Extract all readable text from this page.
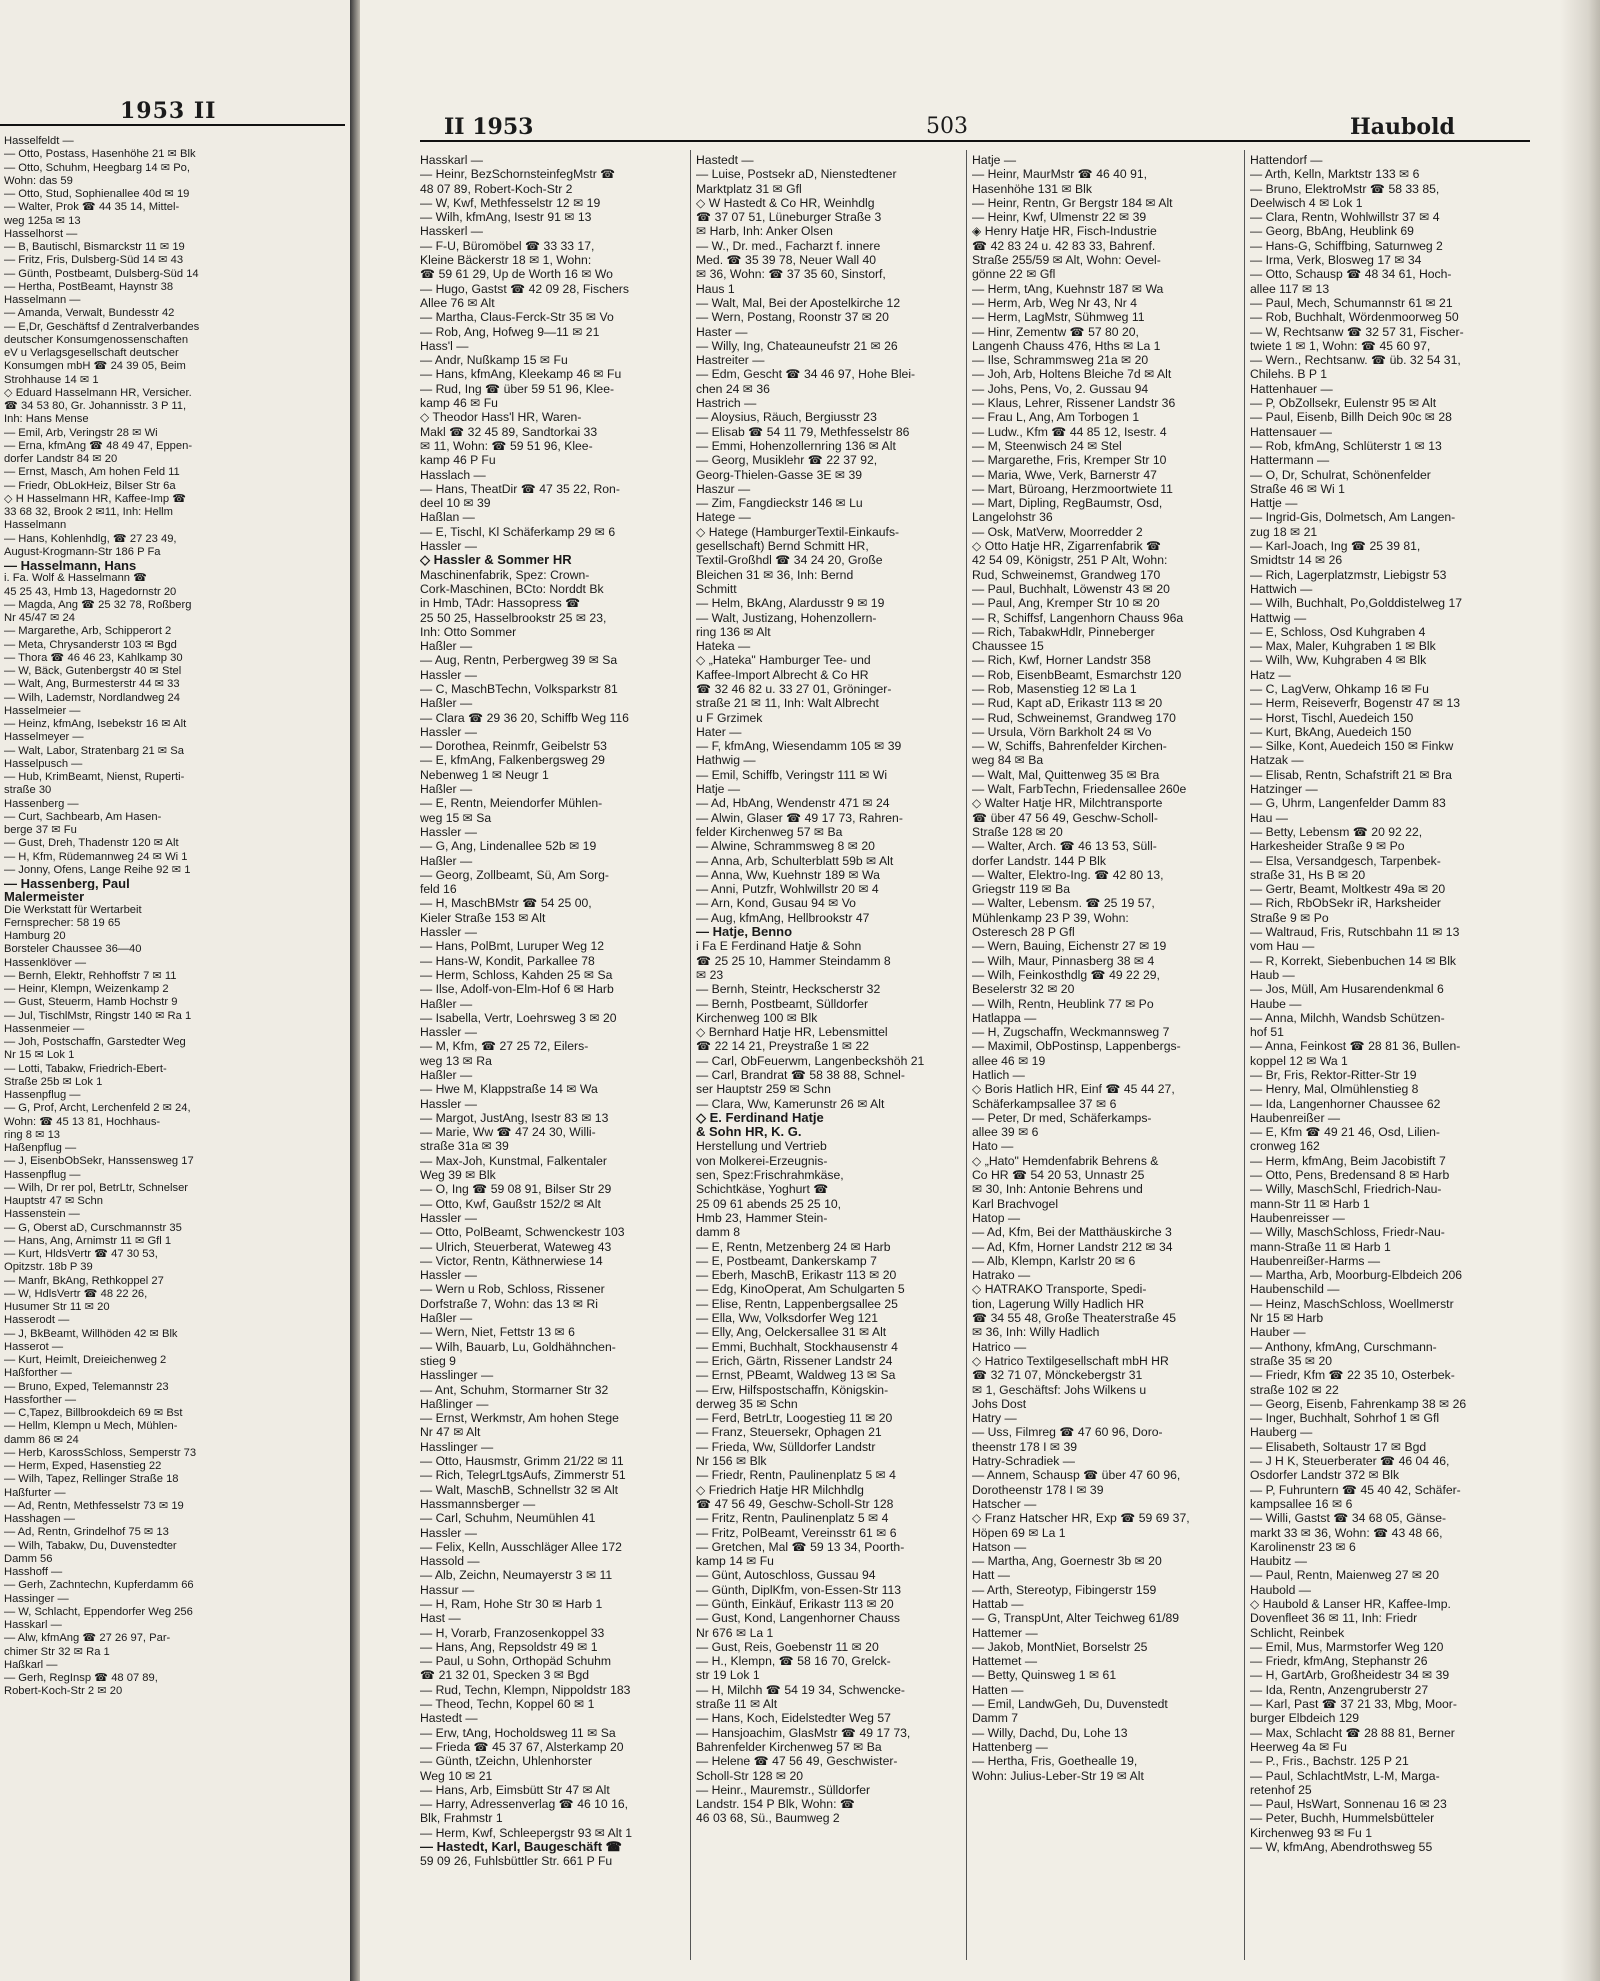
1953 II
Hasselfeldt —
— Otto, Postass, Hasenhöhe 21 ✉ Blk
— Otto, Schuhm, Heegbarg 14 ✉ Po,
Wohn: das 59
— Otto, Stud, Sophienallee 40d ✉ 19
— Walter, Prok ☎ 44 35 14, Mittel-
weg 125a ✉ 13
Hasselhorst —
— B, Bautischl, Bismarckstr 11 ✉ 19
— Fritz, Fris, Dulsberg-Süd 14 ✉ 43
— Günth, Postbeamt, Dulsberg-Süd 14
— Hertha, PostBeamt, Haynstr 38
Hasselmann —
— Amanda, Verwalt, Bundesstr 42
— E,Dr, Geschäftsf d Zentralverbandes
deutscher Konsumgenossenschaften
eV u Verlagsgesellschaft deutscher
Konsumgen mbH ☎ 24 39 05, Beim
Strohhause 14 ✉ 1
◇ Eduard Hasselmann HR, Versicher.
☎ 34 53 80, Gr. Johannisstr. 3 P 11,
Inh: Hans Mense
— Emil, Arb, Veringstr 28 ✉ Wi
— Erna, kfmAng ☎ 48 49 47, Eppen-
dorfer Landstr 84 ✉ 20
— Ernst, Masch, Am hohen Feld 11
— Friedr, ObLokHeiz, Bilser Str 6a
◇ H Hasselmann HR, Kaffee-Imp ☎
33 68 32, Brook 2 ✉11, Inh: Hellm
Hasselmann
— Hans, Kohlenhdlg, ☎ 27 23 49,
August-Krogmann-Str 186 P Fa
— Hasselmann, Hans
i. Fa. Wolf & Hasselmann ☎
45 25 43, Hmb 13, Hagedornstr 20
— Magda, Ang ☎ 25 32 78, Roßberg
Nr 45/47 ✉ 24
— Margarethe, Arb, Schipperort 2
— Meta, Chrysanderstr 103 ✉ Bgd
— Thora ☎ 46 46 23, Kahlkamp 30
— W, Bäck, Gutenbergstr 40 ✉ Stel
— Walt, Ang, Burmesterstr 44 ✉ 33
— Wilh, Lademstr, Nordlandweg 24
Hasselmeier —
— Heinz, kfmAng, Isebekstr 16 ✉ Alt
Hasselmeyer —
— Walt, Labor, Stratenbarg 21 ✉ Sa
Hasselpusch —
— Hub, KrimBeamt, Nienst, Ruperti-
straße 30
Hassenberg —
— Curt, Sachbearb, Am Hasen-
berge 37 ✉ Fu
— Gust, Dreh, Thadenstr 120 ✉ Alt
— H, Kfm, Rüdemannweg 24 ✉ Wi 1
— Jonny, Ofens, Lange Reihe 92 ✉ 1
— Hassenberg, Paul
Malermeister
Die Werkstatt für Wertarbeit
Fernsprecher: 58 19 65
Hamburg 20
Borsteler Chaussee 36—40
Hassenklöver —
— Bernh, Elektr, Rehhoffstr 7 ✉ 11
— Heinr, Klempn, Weizenkamp 2
— Gust, Steuerm, Hamb Hochstr 9
— Jul, TischlMstr, Ringstr 140 ✉ Ra 1
Hassenmeier —
— Joh, Postschaffn, Garstedter Weg
Nr 15 ✉ Lok 1
— Lotti, Tabakw, Friedrich-Ebert-
Straße 25b ✉ Lok 1
Hassenpflug —
— G, Prof, Archt, Lerchenfeld 2 ✉ 24,
Wohn: ☎ 45 13 81, Hochhaus-
ring 8 ✉ 13
Haßenpflug —
— J, EisenbObSekr, Hanssensweg 17
Hassenpflug —
— Wilh, Dr rer pol, BetrLtr, Schnelser
Hauptstr 47 ✉ Schn
Hassenstein —
— G, Oberst aD, Curschmannstr 35
— Hans, Ang, Arnimstr 11 ✉ Gfl 1
— Kurt, HldsVertr ☎ 47 30 53,
Opitzstr. 18b P 39
— Manfr, BkAng, Rethkoppel 27
— W, HdlsVertr ☎ 48 22 26,
Husumer Str 11 ✉ 20
Hasserodt —
— J, BkBeamt, Willhöden 42 ✉ Blk
Hasserot —
— Kurt, Heimlt, Dreieichenweg 2
Haßforther —
— Bruno, Exped, Telemannstr 23
Hassforther —
— C,Tapez, Billbrookdeich 69 ✉ Bst
— Hellm, Klempn u Mech, Mühlen-
damm 86 ✉ 24
— Herb, KarossSchloss, Semperstr 73
— Herm, Exped, Hasenstieg 22
— Wilh, Tapez, Rellinger Straße 18
Haßfurter —
— Ad, Rentn, Methfesselstr 73 ✉ 19
Hasshagen —
— Ad, Rentn, Grindelhof 75 ✉ 13
— Wilh, Tabakw, Du, Duvenstedter
Damm 56
Hasshoff —
— Gerh, Zachntechn, Kupferdamm 66
Hassinger —
— W, Schlacht, Eppendorfer Weg 256
Hasskarl —
— Alw, kfmAng ☎ 27 26 97, Par-
chimer Str 32 ✉ Ra 1
Haßkarl —
— Gerh, RegInsp ☎ 48 07 89,
Robert-Koch-Str 2 ✉ 20
II 1953	503	Haubold
Hasskarl —
— Heinr, BezSchornsteinfegMstr ☎
48 07 89, Robert-Koch-Str 2
— W, Kwf, Methfesselstr 12 ✉ 19
— Wilh, kfmAng, Isestr 91 ✉ 13
Hasskerl —
— F-U, Büromöbel ☎ 33 33 17,
Kleine Bäckerstr 18 ✉ 1, Wohn:
☎ 59 61 29, Up de Worth 16 ✉ Wo
— Hugo, Gastst ☎ 42 09 28, Fischers
Allee 76 ✉ Alt
— Martha, Claus-Ferck-Str 35 ✉ Vo
— Rob, Ang, Hofweg 9—11 ✉ 21
Hass'l —
— Andr, Nußkamp 15 ✉ Fu
— Hans, kfmAng, Kleekamp 46 ✉ Fu
— Rud, Ing ☎ über 59 51 96, Klee-
kamp 46 ✉ Fu
◇ Theodor Hass'l HR, Waren-
Makl ☎ 32 45 89, Sandtorkai 33
✉ 11, Wohn: ☎ 59 51 96, Klee-
kamp 46 P Fu
Hasslach —
— Hans, TheatDir ☎ 47 35 22, Ron-
deel 10 ✉ 39
Haßlan —
— E, Tischl, Kl Schäferkamp 29 ✉ 6
Hassler —
◇ Hassler & Sommer HR
Maschinenfabrik, Spez: Crown-
Cork-Maschinen, BCto: Norddt Bk
in Hmb, TAdr: Hassopress ☎
25 50 25, Hasselbrookstr 25 ✉ 23,
Inh: Otto Sommer
Haßler —
— Aug, Rentn, Perbergweg 39 ✉ Sa
Hassler —
— C, MaschBTechn, Volksparkstr 81
Haßler —
— Clara ☎ 29 36 20, Schiffb Weg 116
Hassler —
— Dorothea, Reinmfr, Geibelstr 53
— E, kfmAng, Falkenbergsweg 29
Nebenweg 1 ✉ Neugr 1
Haßler —
— E, Rentn, Meiendorfer Mühlen-
weg 15 ✉ Sa
Hassler —
— G, Ang, Lindenallee 52b ✉ 19
Haßler —
— Georg, Zollbeamt, Sü, Am Sorg-
feld 16
— H, MaschBMstr ☎ 54 25 00,
Kieler Straße 153 ✉ Alt
Hassler —
— Hans, PolBmt, Luruper Weg 12
— Hans-W, Kondit, Parkallee 78
— Herm, Schloss, Kahden 25 ✉ Sa
— Ilse, Adolf-von-Elm-Hof 6 ✉ Harb
Haßler —
— Isabella, Vertr, Loehrsweg 3 ✉ 20
Hassler —
— M, Kfm, ☎ 27 25 72, Eilers-
weg 13 ✉ Ra
Haßler —
— Hwe M, Klappstraße 14 ✉ Wa
Hassler —
— Margot, JustAng, Isestr 83 ✉ 13
— Marie, Ww ☎ 47 24 30, Willi-
straße 31a ✉ 39
— Max-Joh, Kunstmal, Falkentaler
Weg 39 ✉ Blk
— O, Ing ☎ 59 08 91, Bilser Str 29
— Otto, Kwf, Gaußstr 152/2 ✉ Alt
Hassler —
— Otto, PolBeamt, Schwenckestr 103
— Ulrich, Steuerberat, Wateweg 43
— Victor, Rentn, Käthnerwiese 14
Hassler —
— Wern u Rob, Schloss, Rissener
Dorfstraße 7, Wohn: das 13 ✉ Ri
Haßler —
— Wern, Niet, Fettstr 13 ✉ 6
— Wilh, Bauarb, Lu, Goldhähnchen-
stieg 9
Hasslinger —
— Ant, Schuhm, Stormarner Str 32
Haßlinger —
— Ernst, Werkmstr, Am hohen Stege
Nr 47 ✉ Alt
Hasslinger —
— Otto, Hausmstr, Grimm 21/22 ✉ 11
— Rich, TelegrLtgsAufs, Zimmerstr 51
— Walt, MaschB, Schnellstr 32 ✉ Alt
Hassmannsberger —
— Carl, Schuhm, Neumühlen 41
Hassler —
— Felix, Kelln, Ausschläger Allee 172
Hassold —
— Alb, Zeichn, Neumayerstr 3 ✉ 11
Hassur —
— H, Ram, Hohe Str 30 ✉ Harb 1
Hast —
— H, Vorarb, Franzosenkoppel 33
— Hans, Ang, Repsoldstr 49 ✉ 1
— Paul, u Sohn, Orthopäd Schuhm
☎ 21 32 01, Specken 3 ✉ Bgd
— Rud, Techn, Klempn, Nippoldstr 183
— Theod, Techn, Koppel 60 ✉ 1
Hastedt —
— Erw, tAng, Hocholdsweg 11 ✉ Sa
— Frieda ☎ 45 37 67, Alsterkamp 20
— Günth, tZeichn, Uhlenhorster
Weg 10 ✉ 21
— Hans, Arb, Eimsbütt Str 47 ✉ Alt
— Harry, Adressenverlag ☎ 46 10 16,
Blk, Frahmstr 1
— Herm, Kwf, Schleepergstr 93 ✉ Alt 1
— Hastedt, Karl, Baugeschäft ☎
59 09 26, Fuhlsbüttler Str. 661 P Fu
Hastedt —
— Luise, Postsekr aD, Nienstedtener
Marktplatz 31 ✉ Gfl
◇ W Hastedt & Co HR, Weinhdlg
☎ 37 07 51, Lüneburger Straße 3
✉ Harb, Inh: Anker Olsen
— W., Dr. med., Facharzt f. innere
Med. ☎ 35 39 78, Neuer Wall 40
✉ 36, Wohn: ☎ 37 35 60, Sinstorf,
Haus 1
— Walt, Mal, Bei der Apostelkirche 12
— Wern, Postang, Roonstr 37 ✉ 20
Haster —
— Willy, Ing, Chateauneufstr 21 ✉ 26
Hastreiter —
— Edm, Gescht ☎ 34 46 97, Hohe Blei-
chen 24 ✉ 36
Hastrich —
— Aloysius, Räuch, Bergiusstr 23
— Elisab ☎ 54 11 79, Methfesselstr 86
— Emmi, Hohenzollernring 136 ✉ Alt
— Georg, Musiklehr ☎ 22 37 92,
Georg-Thielen-Gasse 3E ✉ 39
Haszur —
— Zim, Fangdieckstr 146 ✉ Lu
Hatege —
◇ Hatege (HamburgerTextil-Einkaufs-
gesellschaft) Bernd Schmitt HR,
Textil-Großhdl ☎ 34 24 20, Große
Bleichen 31 ✉ 36, Inh: Bernd
Schmitt
— Helm, BkAng, Alardusstr 9 ✉ 19
— Walt, Justizang, Hohenzollern-
ring 136 ✉ Alt
Hateka —
◇ „Hateka" Hamburger Tee- und
Kaffee-Import Albrecht & Co HR
☎ 32 46 82 u. 33 27 01, Gröninger-
straße 21 ✉ 11, Inh: Walt Albrecht
u F Grzimek
Hater —
— F, kfmAng, Wiesendamm 105 ✉ 39
Hathwig —
— Emil, Schiffb, Veringstr 111 ✉ Wi
Hatje —
— Ad, HbAng, Wendenstr 471 ✉ 24
— Alwin, Glaser ☎ 49 17 73, Rahren-
felder Kirchenweg 57 ✉ Ba
— Alwine, Schrammsweg 8 ✉ 20
— Anna, Arb, Schulterblatt 59b ✉ Alt
— Anna, Ww, Kuehnstr 189 ✉ Wa
— Anni, Putzfr, Wohlwillstr 20 ✉ 4
— Arn, Kond, Gusau 94 ✉ Vo
— Aug, kfmAng, Hellbrookstr 47
— Hatje, Benno
i Fa E Ferdinand Hatje & Sohn
☎ 25 25 10, Hammer Steindamm 8
✉ 23
— Bernh, Steintr, Heckscherstr 32
— Bernh, Postbeamt, Sülldorfer
Kirchenweg 100 ✉ Blk
◇ Bernhard Hatje HR, Lebensmittel
☎ 22 14 21, Preystraße 1 ✉ 22
— Carl, ObFeuerwm, Langenbeckshöh 21
— Carl, Brandrat ☎ 58 38 88, Schnel-
ser Hauptstr 259 ✉ Schn
— Clara, Ww, Kamerunstr 26 ✉ Alt
◇ E. Ferdinand Hatje
& Sohn HR, K. G.
Herstellung und Vertrieb
von Molkerei-Erzeugnis-
sen, Spez:Frischrahmkäse,
Schichtkäse, Yoghurt ☎
25 09 61 abends 25 25 10,
Hmb 23, Hammer Stein-
damm 8
— E, Rentn, Metzenberg 24 ✉ Harb
— E, Postbeamt, Dankerskamp 7
— Eberh, MaschB, Erikastr 113 ✉ 20
— Edg, KinoOperat, Am Schulgarten 5
— Elise, Rentn, Lappenbergsallee 25
— Ella, Ww, Volksdorfer Weg 121
— Elly, Ang, Oelckersallee 31 ✉ Alt
— Emmi, Buchhalt, Stockhausenstr 4
— Erich, Gärtn, Rissener Landstr 24
— Ernst, PBeamt, Waldweg 13 ✉ Sa
— Erw, Hilfspostschaffn, Königskin-
derweg 35 ✉ Schn
— Ferd, BetrLtr, Loogestieg 11 ✉ 20
— Franz, Steuersekr, Ophagen 21
— Frieda, Ww, Sülldorfer Landstr
Nr 156 ✉ Blk
— Friedr, Rentn, Paulinenplatz 5 ✉ 4
◇ Friedrich Hatje HR Milchhdlg
☎ 47 56 49, Geschw-Scholl-Str 128
— Fritz, Rentn, Paulinenplatz 5 ✉ 4
— Fritz, PolBeamt, Vereinsstr 61 ✉ 6
— Gretchen, Mal ☎ 59 13 34, Poorth-
kamp 14 ✉ Fu
— Günt, Autoschloss, Gussau 94
— Günth, DiplKfm, von-Essen-Str 113
— Günth, Einkäuf, Erikastr 113 ✉ 20
— Gust, Kond, Langenhorner Chauss
Nr 676 ✉ La 1
— Gust, Reis, Goebenstr 11 ✉ 20
— H., Klempn, ☎ 58 16 70, Grelck-
str 19 Lok 1
— H, Milchh ☎ 54 19 34, Schwencke-
straße 11 ✉ Alt
— Hans, Koch, Eidelstedter Weg 57
— Hansjoachim, GlasMstr ☎ 49 17 73,
Bahrenfelder Kirchenweg 57 ✉ Ba
— Helene ☎ 47 56 49, Geschwister-
Scholl-Str 128 ✉ 20
— Heinr., Mauremstr., Sülldorfer
Landstr. 154 P Blk, Wohn: ☎
46 03 68, Sü., Baumweg 2
Hatje —
— Heinr, MaurMstr ☎ 46 40 91,
Hasenhöhe 131 ✉ Blk
— Heinr, Rentn, Gr Bergstr 184 ✉ Alt
— Heinr, Kwf, Ulmenstr 22 ✉ 39
◈ Henry Hatje HR, Fisch-Industrie
☎ 42 83 24 u. 42 83 33, Bahrenf.
Straße 255/59 ✉ Alt, Wohn: Oevel-
gönne 22 ✉ Gfl
— Herm, tAng, Kuehnstr 187 ✉ Wa
— Herm, Arb, Weg Nr 43, Nr 4
— Herm, LagMstr, Sühmweg 11
— Hinr, Zementw ☎ 57 80 20,
Langenh Chauss 476, Hths ✉ La 1
— Ilse, Schrammsweg 21a ✉ 20
— Joh, Arb, Holtens Bleiche 7d ✉ Alt
— Johs, Pens, Vo, 2. Gussau 94
— Klaus, Lehrer, Rissener Landstr 36
— Frau L, Ang, Am Torbogen 1
— Ludw., Kfm ☎ 44 85 12, Isestr. 4
— M, Steenwisch 24 ✉ Stel
— Margarethe, Fris, Kremper Str 10
— Maria, Wwe, Verk, Barnerstr 47
— Mart, Büroang, Herzmoortwiete 11
— Mart, Dipling, RegBaumstr, Osd,
Langelohstr 36
— Osk, MatVerw, Moorredder 2
◇ Otto Hatje HR, Zigarrenfabrik ☎
42 54 09, Königstr, 251 P Alt, Wohn:
Rud, Schweinemst, Grandweg 170
— Paul, Buchhalt, Löwenstr 43 ✉ 20
— Paul, Ang, Kremper Str 10 ✉ 20
— R, Schiffsf, Langenhorn Chauss 96a
— Rich, TabakwHdlr, Pinneberger
Chaussee 15
— Rich, Kwf, Horner Landstr 358
— Rob, EisenbBeamt, Esmarchstr 120
— Rob, Masenstieg 12 ✉ La 1
— Rud, Kapt aD, Erikastr 113 ✉ 20
— Rud, Schweinemst, Grandweg 170
— Ursula, Vörn Barkholt 24 ✉ Vo
— W, Schiffs, Bahrenfelder Kirchen-
weg 84 ✉ Ba
— Walt, Mal, Quittenweg 35 ✉ Bra
— Walt, FarbTechn, Friedensallee 260e
◇ Walter Hatje HR, Milchtransporte
☎ über 47 56 49, Geschw-Scholl-
Straße 128 ✉ 20
— Walter, Arch. ☎ 46 13 53, Süll-
dorfer Landstr. 144 P Blk
— Walter, Elektro-Ing. ☎ 42 80 13,
Griegstr 119 ✉ Ba
— Walter, Lebensm. ☎ 25 19 57,
Mühlenkamp 23 P 39, Wohn:
Osteresch 28 P Gfl
— Wern, Bauing, Eichenstr 27 ✉ 19
— Wilh, Maur, Pinnasberg 38 ✉ 4
— Wilh, Feinkosthdlg ☎ 49 22 29,
Beselerstr 32 ✉ 20
— Wilh, Rentn, Heublink 77 ✉ Po
Hatlappa —
— H, Zugschaffn, Weckmannsweg 7
— Maximil, ObPostinsp, Lappenbergs-
allee 46 ✉ 19
Hatlich —
◇ Boris Hatlich HR, Einf ☎ 45 44 27,
Schäferkampsallee 37 ✉ 6
— Peter, Dr med, Schäferkamps-
allee 39 ✉ 6
Hato —
◇ „Hato" Hemdenfabrik Behrens &
Co HR ☎ 54 20 53, Unnastr 25
✉ 30, Inh: Antonie Behrens und
Karl Brachvogel
Hatop —
— Ad, Kfm, Bei der Matthäuskirche 3
— Ad, Kfm, Horner Landstr 212 ✉ 34
— Alb, Klempn, Karlstr 20 ✉ 6
Hatrako —
◇ HATRAKO Transporte, Spedi-
tion, Lagerung Willy Hadlich HR
☎ 34 55 48, Große Theaterstraße 45
✉ 36, Inh: Willy Hadlich
Hatrico —
◇ Hatrico Textilgesellschaft mbH HR
☎ 32 71 07, Mönckebergstr 31
✉ 1, Geschäftsf: Johs Wilkens u
Johs Dost
Hatry —
— Uss, Filmreg ☎ 47 60 96, Doro-
theenstr 178 I ✉ 39
Hatry-Schradiek —
— Annem, Schausp ☎ über 47 60 96,
Dorotheenstr 178 I ✉ 39
Hatscher —
◇ Franz Hatscher HR, Exp ☎ 59 69 37,
Höpen 69 ✉ La 1
Hatson —
— Martha, Ang, Goernestr 3b ✉ 20
Hatt —
— Arth, Stereotyp, Fibingerstr 159
Hattab —
— G, TranspUnt, Alter Teichweg 61/89
Hattemer —
— Jakob, MontNiet, Borselstr 25
Hattemet —
— Betty, Quinsweg 1 ✉ 61
Hatten —
— Emil, LandwGeh, Du, Duvenstedt
Damm 7
— Willy, Dachd, Du, Lohe 13
Hattenberg —
— Hertha, Fris, Goethealle 19,
Wohn: Julius-Leber-Str 19 ✉ Alt
Hattendorf —
— Arth, Kelln, Marktstr 133 ✉ 6
— Bruno, ElektroMstr ☎ 58 33 85,
Deelwisch 4 ✉ Lok 1
— Clara, Rentn, Wohlwillstr 37 ✉ 4
— Georg, BbAng, Heublink 69
— Hans-G, Schiffbing, Saturnweg 2
— Irma, Verk, Blosweg 17 ✉ 34
— Otto, Schausp ☎ 48 34 61, Hoch-
allee 117 ✉ 13
— Paul, Mech, Schumannstr 61 ✉ 21
— Rob, Buchhalt, Wördenmoorweg 50
— W, Rechtsanw ☎ 32 57 31, Fischer-
twiete 1 ✉ 1, Wohn: ☎ 45 60 97,
— Wern., Rechtsanw. ☎ üb. 32 54 31,
Chilehs. B P 1
Hattenhauer —
— P, ObZollsekr, Eulenstr 95 ✉ Alt
— Paul, Eisenb, Billh Deich 90c ✉ 28
Hattensauer —
— Rob, kfmAng, Schlüterstr 1 ✉ 13
Hattermann —
— O, Dr, Schulrat, Schönenfelder
Straße 46 ✉ Wi 1
Hattje —
— Ingrid-Gis, Dolmetsch, Am Langen-
zug 18 ✉ 21
— Karl-Joach, Ing ☎ 25 39 81,
Smidtstr 14 ✉ 26
— Rich, Lagerplatzmstr, Liebigstr 53
Hattwich —
— Wilh, Buchhalt, Po,Golddistelweg 17
Hattwig —
— E, Schloss, Osd Kuhgraben 4
— Max, Maler, Kuhgraben 1 ✉ Blk
— Wilh, Ww, Kuhgraben 4 ✉ Blk
Hatz —
— C, LagVerw, Ohkamp 16 ✉ Fu
— Herm, Reiseverfr, Bogenstr 47 ✉ 13
— Horst, Tischl, Auedeich 150
— Kurt, BkAng, Auedeich 150
— Silke, Kont, Auedeich 150 ✉ Finkw
Hatzak —
— Elisab, Rentn, Schafstrift 21 ✉ Bra
Hatzinger —
— G, Uhrm, Langenfelder Damm 83
Hau —
— Betty, Lebensm ☎ 20 92 22,
Harkesheider Straße 9 ✉ Po
— Elsa, Versandgesch, Tarpenbek-
straße 31, Hs B ✉ 20
— Gertr, Beamt, Moltkestr 49a ✉ 20
— Rich, RbObSekr iR, Harksheider
Straße 9 ✉ Po
— Waltraud, Fris, Rutschbahn 11 ✉ 13
vom Hau —
— R, Korrekt, Siebenbuchen 14 ✉ Blk
Haub —
— Jos, Müll, Am Husarendenkmal 6
Haube —
— Anna, Milchh, Wandsb Schützen-
hof 51
— Anna, Feinkost ☎ 28 81 36, Bullen-
koppel 12 ✉ Wa 1
— Br, Fris, Rektor-Ritter-Str 19
— Henry, Mal, Olmühlenstieg 8
— Ida, Langenhorner Chaussee 62
Haubenreißer —
— E, Kfm ☎ 49 21 46, Osd, Lilien-
cronweg 162
— Herm, kfmAng, Beim Jacobistift 7
— Otto, Pens, Bredensand 8 ✉ Harb
— Willy, MaschSchl, Friedrich-Nau-
mann-Str 11 ✉ Harb 1
Haubenreisser —
— Willy, MaschSchloss, Friedr-Nau-
mann-Straße 11 ✉ Harb 1
Haubenreißer-Harms —
— Martha, Arb, Moorburg-Elbdeich 206
Haubenschild —
— Heinz, MaschSchloss, Woellmerstr
Nr 15 ✉ Harb
Hauber —
— Anthony, kfmAng, Curschmann-
straße 35 ✉ 20
— Friedr, Kfm ☎ 22 35 10, Osterbek-
straße 102 ✉ 22
— Georg, Eisenb, Fahrenkamp 38 ✉ 26
— Inger, Buchhalt, Sohrhof 1 ✉ Gfl
Hauberg —
— Elisabeth, Soltaustr 17 ✉ Bgd
— J H K, Steuerberater ☎ 46 04 46,
Osdorfer Landstr 372 ✉ Blk
— P, Fuhruntern ☎ 45 40 42, Schäfer-
kampsallee 16 ✉ 6
— Willi, Gastst ☎ 34 68 05, Gänse-
markt 33 ✉ 36, Wohn: ☎ 43 48 66,
Karolinenstr 23 ✉ 6
Haubitz —
— Paul, Rentn, Maienweg 27 ✉ 20
Haubold —
◇ Haubold & Lanser HR, Kaffee-Imp.
Dovenfleet 36 ✉ 11, Inh: Friedr
Schlicht, Reinbek
— Emil, Mus, Marmstorfer Weg 120
— Friedr, kfmAng, Stephanstr 26
— H, GartArb, Großheidestr 34 ✉ 39
— Ida, Rentn, Anzengruberstr 27
— Karl, Past ☎ 37 21 33, Mbg, Moor-
burger Elbdeich 129
— Max, Schlacht ☎ 28 88 81, Berner
Heerweg 4a ✉ Fu
— P., Fris., Bachstr. 125 P 21
— Paul, SchlachtMstr, L-M, Marga-
retenhof 25
— Paul, HsWart, Sonnenau 16 ✉ 23
— Peter, Buchh, Hummelsbütteler
Kirchenweg 93 ✉ Fu 1
— W, kfmAng, Abendrothsweg 55
